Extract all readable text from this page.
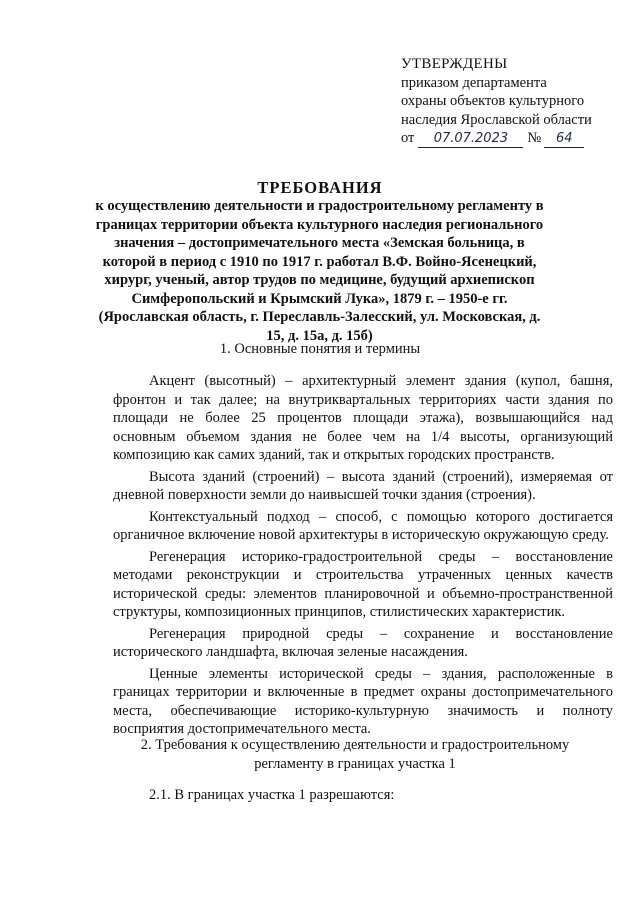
УТВЕРЖДЕНЫ
приказом департамента
охраны объектов культурного
наследия Ярославской области
от	07.07.2023	№	64
ТРЕБОВАНИЯ
к осуществлению деятельности и градостроительному регламенту в границах территории объекта культурного наследия регионального значения – достопримечательного места «Земская больница, в которой в период с 1910 по 1917 г. работал В.Ф. Войно-Ясенецкий, хирург, ученый, автор трудов по медицине, будущий архиепископ Симферопольский и Крымский Лука», 1879 г. – 1950-е гг. (Ярославская область, г. Переславль-Залесский, ул. Московская, д. 15, д. 15а, д. 15б)
1. Основные понятия и термины

Акцент (высотный) – архитектурный элемент здания (купол, башня, фронтон и так далее; на внутриквартальных территориях части здания по площади не более 25 процентов площади этажа), возвышающийся над основным объемом здания не более чем на 1/4 высоты, организующий композицию как самих зданий, так и открытых городских пространств.

Высота зданий (строений) – высота зданий (строений), измеряемая от дневной поверхности земли до наивысшей точки здания (строения).

Контекстуальный подход – способ, с помощью которого достигается органичное включение новой архитектуры в историческую окружающую среду.

Регенерация историко-градостроительной среды – восстановление методами реконструкции и строительства утраченных ценных качеств исторической среды: элементов планировочной и объемно-пространственной структуры, композиционных принципов, стилистических характеристик.

Регенерация природной среды – сохранение и восстановление исторического ландшафта, включая зеленые насаждения.

Ценные элементы исторической среды – здания, расположенные в границах территории и включенные в предмет охраны достопримечательного места, обеспечивающие историко-культурную значимость и полноту восприятия достопримечательного места.

2. Требования к осуществлению деятельности и градостроительному регламенту в границах участка 1
2.1. В границах участка 1 разрешаются:
